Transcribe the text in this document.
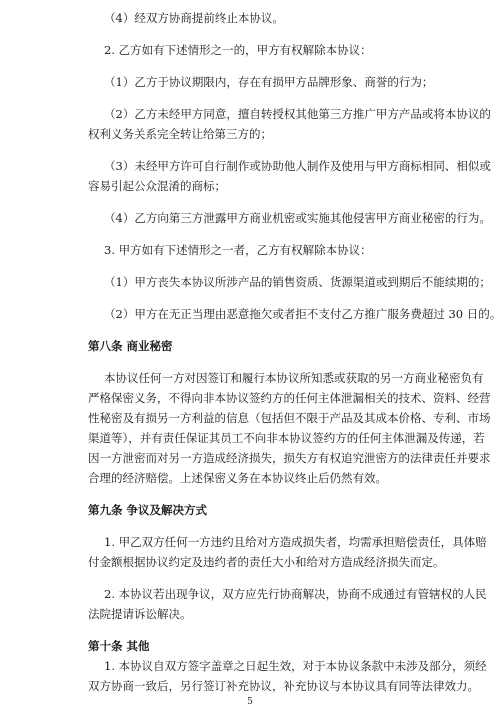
（4）经双方协商提前终止本协议。
2. 乙方如有下述情形之一的，甲方有权解除本协议：
（1）乙方于协议期限内，存在有损甲方品牌形象、商誉的行为；
（2）乙方未经甲方同意，擅自转授权其他第三方推广甲方产品或将本协议的
权利义务关系完全转让给第三方的；
（3）未经甲方许可自行制作或协助他人制作及使用与甲方商标相同、相似或
容易引起公众混淆的商标；
（4）乙方向第三方泄露甲方商业机密或实施其他侵害甲方商业秘密的行为。
3. 甲方如有下述情形之一者，乙方有权解除本协议：
（1）甲方丧失本协议所涉产品的销售资质、货源渠道或到期后不能续期的；
（2）甲方在无正当理由恶意拖欠或者拒不支付乙方推广服务费超过 30 日的。
第八条 商业秘密
本协议任何一方对因签订和履行本协议所知悉或获取的另一方商业秘密负有
严格保密义务，不得向非本协议签约方的任何主体泄漏相关的技术、资料、经营
性秘密及有损另一方利益的信息（包括但不限于产品及其成本价格、专利、市场
渠道等），并有责任保证其员工不向非本协议签约方的任何主体泄漏及传递，若
因一方泄密而对另一方造成经济损失，损失方有权追究泄密方的法律责任并要求
合理的经济赔偿。上述保密义务在本协议终止后仍然有效。
第九条 争议及解决方式
1. 甲乙双方任何一方违约且给对方造成损失者，均需承担赔偿责任，具体赔
付金额根据协议约定及违约者的责任大小和给对方造成经济损失而定。
2. 本协议若出现争议，双方应先行协商解决，协商不成通过有管辖权的人民
法院提请诉讼解决。
第十条 其他
1. 本协议自双方签字盖章之日起生效，对于本协议条款中未涉及部分，须经
双方协商一致后，另行签订补充协议，补充协议与本协议具有同等法律效力。
5
